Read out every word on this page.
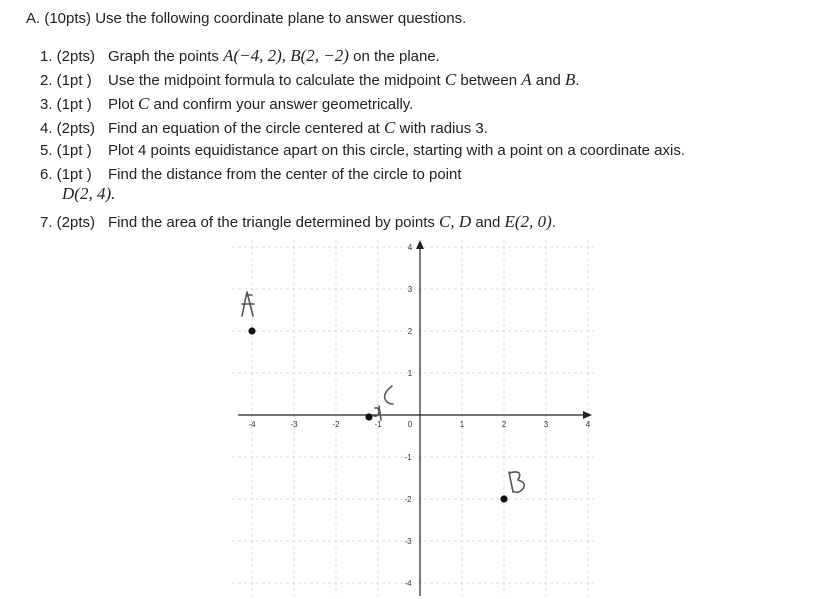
A. (10pts) Use the following coordinate plane to answer questions.
1. (2pts) Graph the points A(−4, 2), B(2, −2) on the plane.
2. (1pt ) Use the midpoint formula to calculate the midpoint C between A and B.
3. (1pt ) Plot C and confirm your answer geometrically.
4. (2pts) Find an equation of the circle centered at C with radius 3.
5. (1pt ) Plot 4 points equidistance apart on this circle, starting with a point on a coordinate axis.
6. (1pt ) Find the distance from the center of the circle to point
D(2, 4).
7. (2pts) Find the area of the triangle determined by points C, D and E(2, 0).
-4	-3	-2	-1	0	1	2	3	4
4
3
2
1
-1
-2
-3
-4
